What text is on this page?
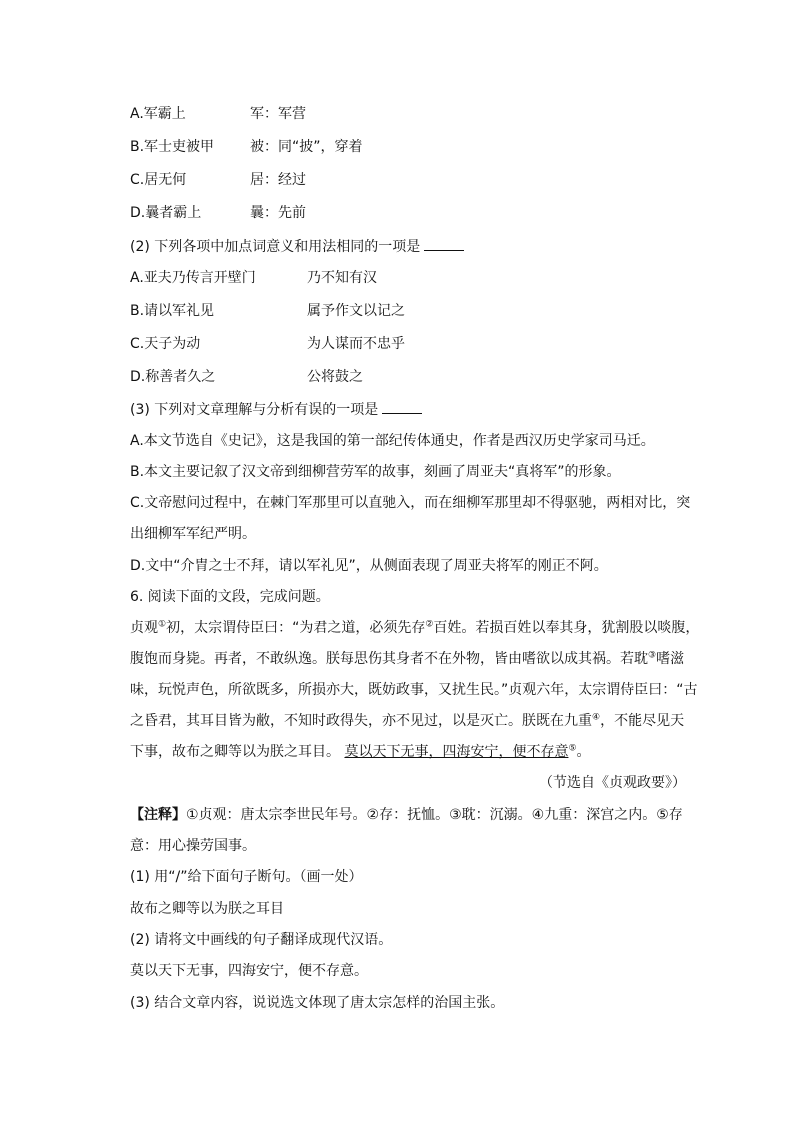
A.军霸上	军：军营
B.军士吏被甲	被：同“披”，穿着
C.居无何	居：经过
D.曩者霸上	曩：先前
(2) 下列各项中加点词意义和用法相同的一项是
A.亚夫乃传言开壁门	乃不知有汉
B.请以军礼见	属予作文以记之
C.天子为动	为人谋而不忠乎
D.称善者久之	公将鼓之
(3) 下列对文章理解与分析有误的一项是
A.本文节选自《史记》，这是我国的第一部纪传体通史，作者是西汉历史学家司马迁。
B.本文主要记叙了汉文帝到细柳营劳军的故事，刻画了周亚夫“真将军”的形象。
C.文帝慰问过程中，在棘门军那里可以直驰入，而在细柳军那里却不得驱驰，两相对比，突
出细柳军军纪严明。
D.文中“介胄之士不拜，请以军礼见”，从侧面表现了周亚夫将军的刚正不阿。
6. 阅读下面的文段，完成问题。
贞观①初，太宗谓侍臣曰：“为君之道，必须先存②百姓。若损百姓以奉其身，犹割股以啖腹，
腹饱而身毙。再者，不敢纵逸。朕每思伤其身者不在外物，皆由嗜欲以成其祸。若耽③嗜滋
味，玩悦声色，所欲既多，所损亦大，既妨政事，又扰生民。”贞观六年，太宗谓侍臣曰：“古
之昏君，其耳目皆为敝，不知时政得失，亦不见过，以是灭亡。朕既在九重④，不能尽见天
下事，故布之卿等以为朕之耳目。 莫以天下无事，四海安宁，便不存意⑤。
（节选自《贞观政要》）
【注释】①贞观：唐太宗李世民年号。②存：抚恤。③耽：沉溺。④九重：深宫之内。⑤存
意：用心操劳国事。
(1) 用“/”给下面句子断句。（画一处）
故布之卿等以为朕之耳目
(2) 请将文中画线的句子翻译成现代汉语。
莫以天下无事，四海安宁，便不存意。
(3) 结合文章内容，说说选文体现了唐太宗怎样的治国主张。
